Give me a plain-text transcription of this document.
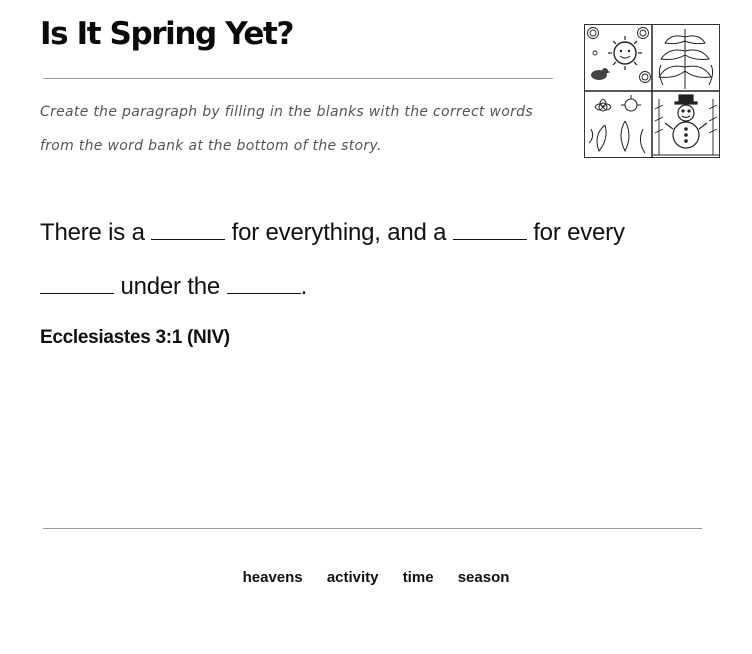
Is It Spring Yet?

Create the paragraph by filling in the blanks with the correct words from the word bank at the bottom of the story.

There is a	for everything, and a	for every
under the	.

Ecclesiastes 3:1 (NIV)

heavens activity time season
